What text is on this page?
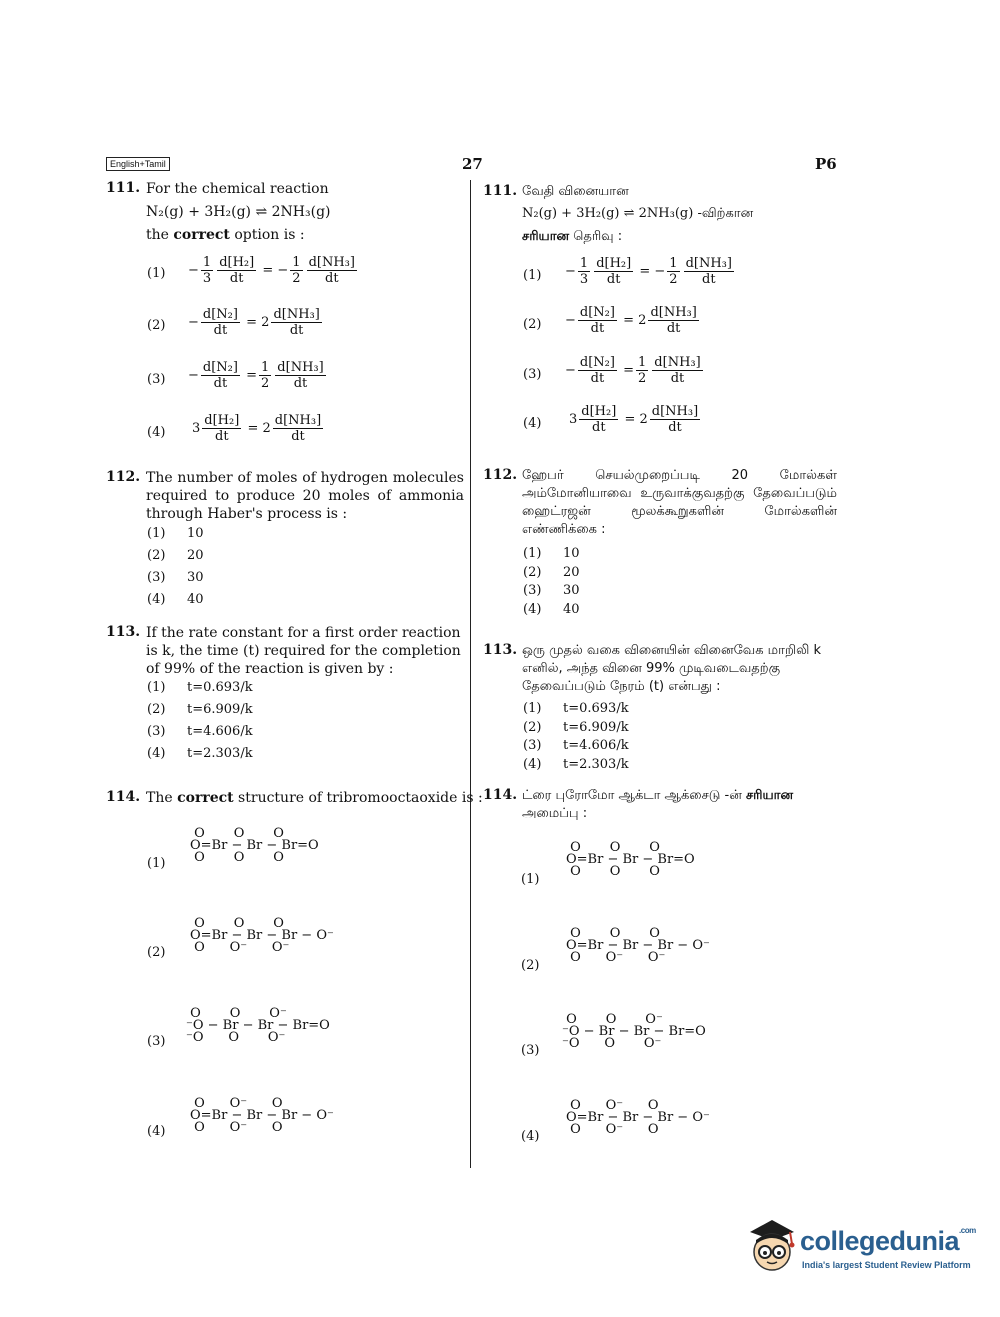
English+Tamil	27	P6
111. For the chemical reaction
N₂(g) + 3H₂(g) ⇌ 2NH₃(g)
the correct option is :
$(1) - \frac{1}{3} \frac{\text{d[H₂]}}{dt}$ = − $\frac{1}{2} \frac{\text{d[NH₃]}}{dt}$
$(2) - \frac{\text{d[N₂]}}{dt} = 2 \frac{\text{d[NH₃]}}{dt}$
$(3) - \frac{\text{d[N₂]}}{dt} = \frac{1}{2} \frac{\text{d[NH₃]}}{dt}$
(4) $3 \frac{\text{d[H₂]}}{dt} = 2 \frac{\text{d[NH₃]}}{dt}$
112. The number of moles of hydrogen molecules required to produce 20 moles of ammonia through Haber's process is :
(1) 10
(2) 20
(3) 30
(4) 40
113. If the rate constant for a first order reaction is k, the time (t) required for the completion of 99% of the reaction is given by :
(1) t=0.693/k
(2) t=6.909/k
(3) t=4.606/k
(4) t=2.303/k
114. The correct structure of tribromooctaoxide is :
(1)
O       O       O
O=Br − Br − Br=O
O       O       O
(2)
O       O       O
O=Br − Br − Br − O⁻
O      O⁻      O⁻
(3)
O       O       O⁻
⁻O − Br − Br − Br=O
⁻O      O       O⁻
(4)
O      O⁻      O
O=Br − Br − Br − O⁻
O      O⁻      O
111. வேதி வினையான
N₂(g) + 3H₂(g) ⇌ 2NH₃(g) -விற்கான
சரியான தெரிவு :
$(1) - \frac{1}{3} \frac{\text{d[H₂]}}{dt}$ = − $\frac{1}{2} \frac{\text{d[NH₃]}}{dt}$
$(2) - \frac{\text{d[N₂]}}{dt} = 2 \frac{\text{d[NH₃]}}{dt}$
$(3) - \frac{\text{d[N₂]}}{dt} = \frac{1}{2} \frac{\text{d[NH₃]}}{dt}$
(4) $3 \frac{\text{d[H₂]}}{dt} = 2 \frac{\text{d[NH₃]}}{dt}$
112. ஹேபர் செயல்முறைப்படி 20 மோல்கள் அம்மோனியாவை உருவாக்குவதற்கு தேவைப்படும் ஹைட்ரஜன் மூலக்கூறுகளின் மோல்களின் எண்ணிக்கை :
(1) 10
(2) 20
(3) 30
(4) 40
113. ஒரு முதல் வகை வினையின் வினைவேக மாறிலி k எனில், அந்த வினை 99% முடிவடைவதற்கு தேவைப்படும் நேரம் (t) என்பது :
(1) t=0.693/k
(2) t=6.909/k
(3) t=4.606/k
(4) t=2.303/k
114. ட்ரை புரோமோ ஆக்டா ஆக்சைடு -ன் சரியான
அமைப்பு :
(1)
O       O       O
O=Br − Br − Br=O
O       O       O
(2)
O       O       O
O=Br − Br − Br − O⁻
O      O⁻      O⁻
(3)
O       O       O⁻
⁻O − Br − Br − Br=O
⁻O      O       O⁻
(4)
O      O⁻      O
O=Br − Br − Br − O⁻
O      O⁻      O
collegedunia$^{.com}$
India's largest Student Review Platform
